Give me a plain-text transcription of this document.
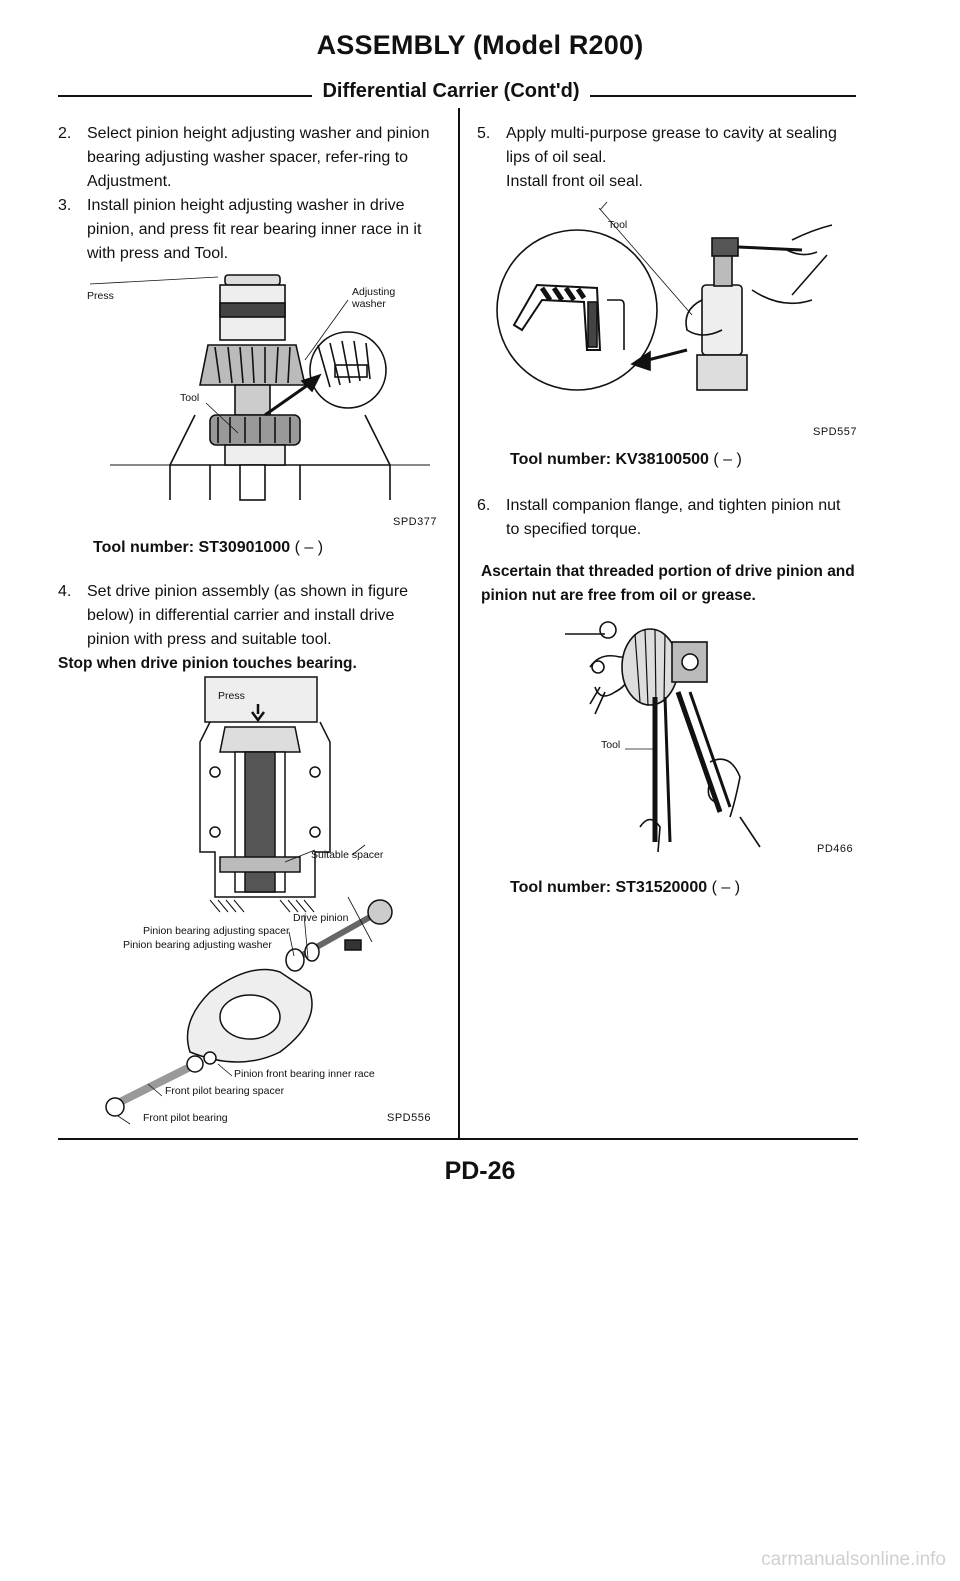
ASSEMBLY (Model R200)
Differential Carrier (Cont'd)
2. Select pinion height adjusting washer and pinion bearing adjusting washer spacer, refer-ring to Adjustment.
3. Install pinion height adjusting washer in drive pinion, and press fit rear bearing inner race in it with press and Tool.
Press	Adjusting
washer
Tool
SPD377
Tool number: ST30901000 ( – )
4. Set drive pinion assembly (as shown in figure below) in differential carrier and install drive pinion with press and suitable tool.
Stop when drive pinion touches bearing.
Press
Suitable spacer
Drive pinion
Pinion bearing adjusting spacer
Pinion bearing adjusting washer
Pinion front bearing inner race
Front pilot bearing spacer
Front pilot bearing	SPD556
5. Apply multi-purpose grease to cavity at sealing lips of oil seal.
Install front oil seal.
Tool
SPD557
Tool number: KV38100500 ( – )
6. Install companion flange, and tighten pinion nut to specified torque.
Ascertain that threaded portion of drive pinion and pinion nut are free from oil or grease.
Tool
PD466
Tool number: ST31520000 ( – )
PD-26
carmanualsonline.info
